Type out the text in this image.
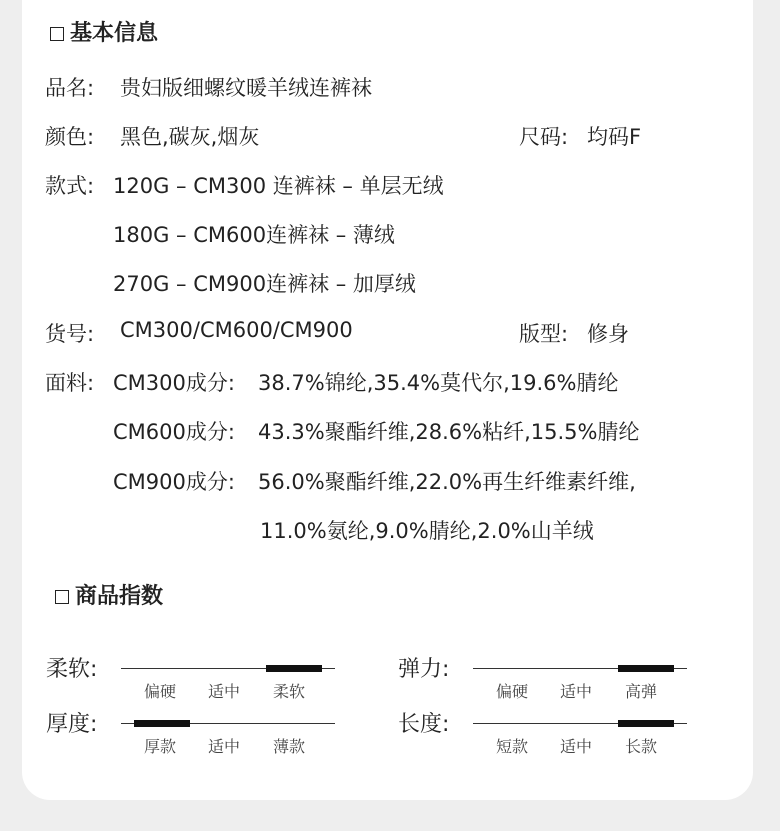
基本信息
品名: 贵妇版细螺纹暖羊绒连裤袜
颜色: 黑色,碳灰,烟灰	尺码: 均码F
款式: 120G – CM300 连裤袜 – 单层无绒
180G – CM600连裤袜 – 薄绒
270G – CM900连裤袜 – 加厚绒
货号: CM300/CM600/CM900	版型: 修身
面料: CM300成分: 38.7%锦纶,35.4%莫代尔,19.6%腈纶
CM600成分: 43.3%聚酯纤维,28.6%粘纤,15.5%腈纶
CM900成分: 56.0%聚酯纤维,22.0%再生纤维素纤维,
11.0%氨纶,9.0%腈纶,2.0%山羊绒
商品指数
柔软:
偏硬 适中 柔软
弹力:
偏硬 适中 高弹
厚度:
厚款 适中 薄款
长度:
短款 适中 长款
